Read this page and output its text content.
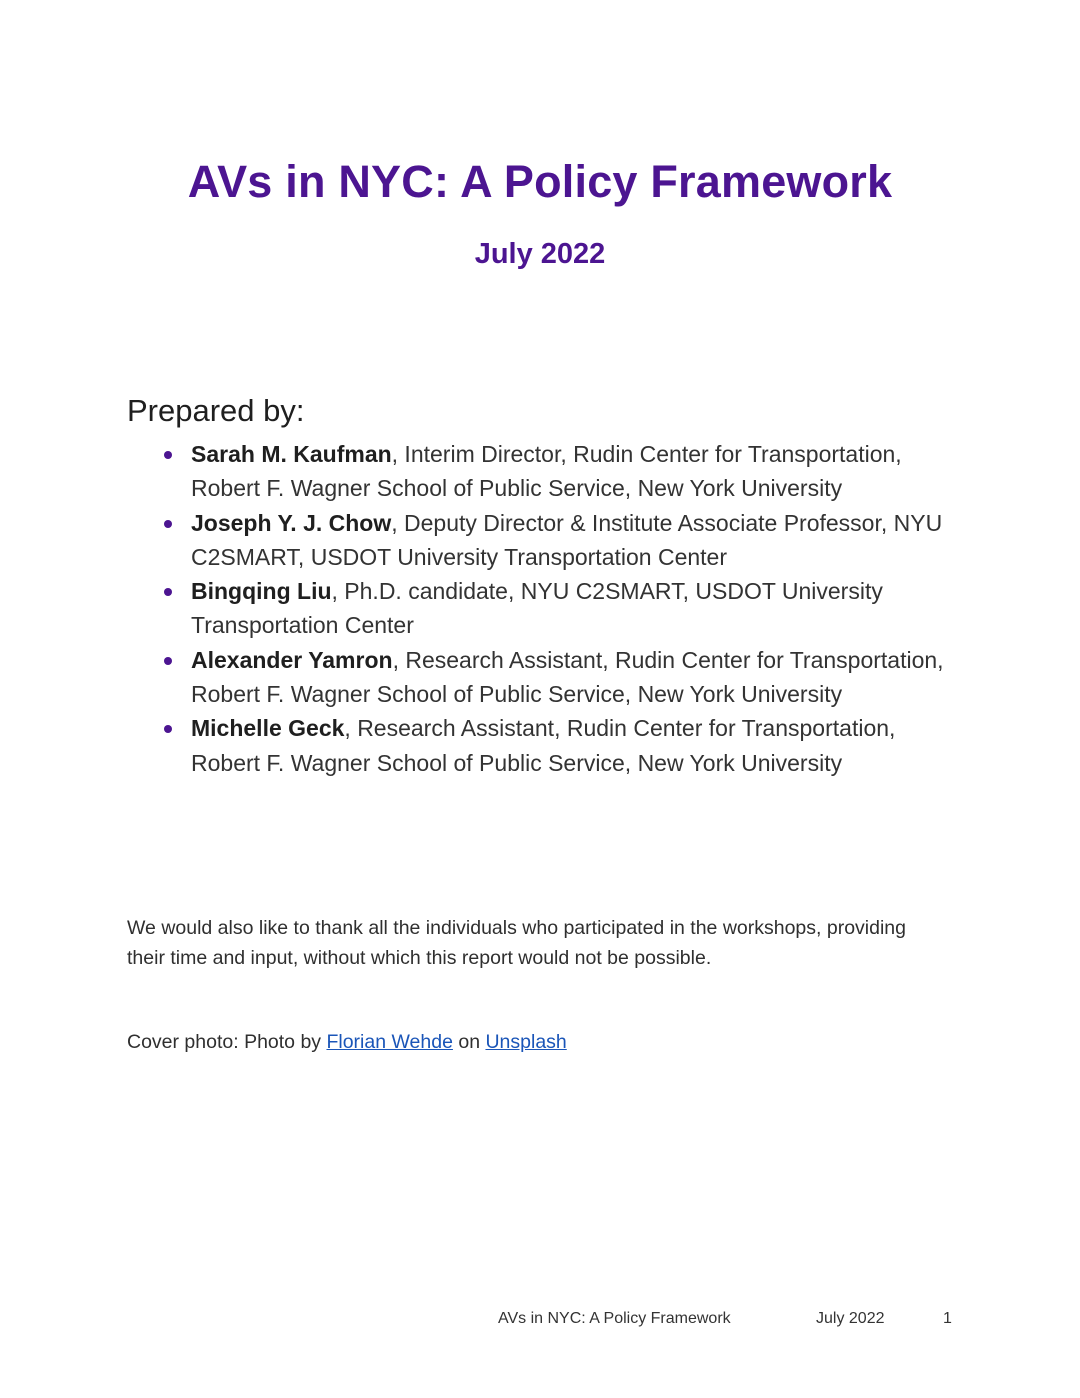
AVs in NYC: A Policy Framework
July 2022
Prepared by:
Sarah M. Kaufman, Interim Director, Rudin Center for Transportation, Robert F. Wagner School of Public Service, New York University
Joseph Y. J. Chow, Deputy Director & Institute Associate Professor, NYU C2SMART, USDOT University Transportation Center
Bingqing Liu, Ph.D. candidate, NYU C2SMART, USDOT University Transportation Center
Alexander Yamron, Research Assistant, Rudin Center for Transportation, Robert F. Wagner School of Public Service, New York University
Michelle Geck, Research Assistant, Rudin Center for Transportation, Robert F. Wagner School of Public Service, New York University

We would also like to thank all the individuals who participated in the workshops, providing their time and input, without which this report would not be possible.

Cover photo: Photo by Florian Wehde on Unsplash
AVs in NYC: A Policy Framework	July 2022	1
